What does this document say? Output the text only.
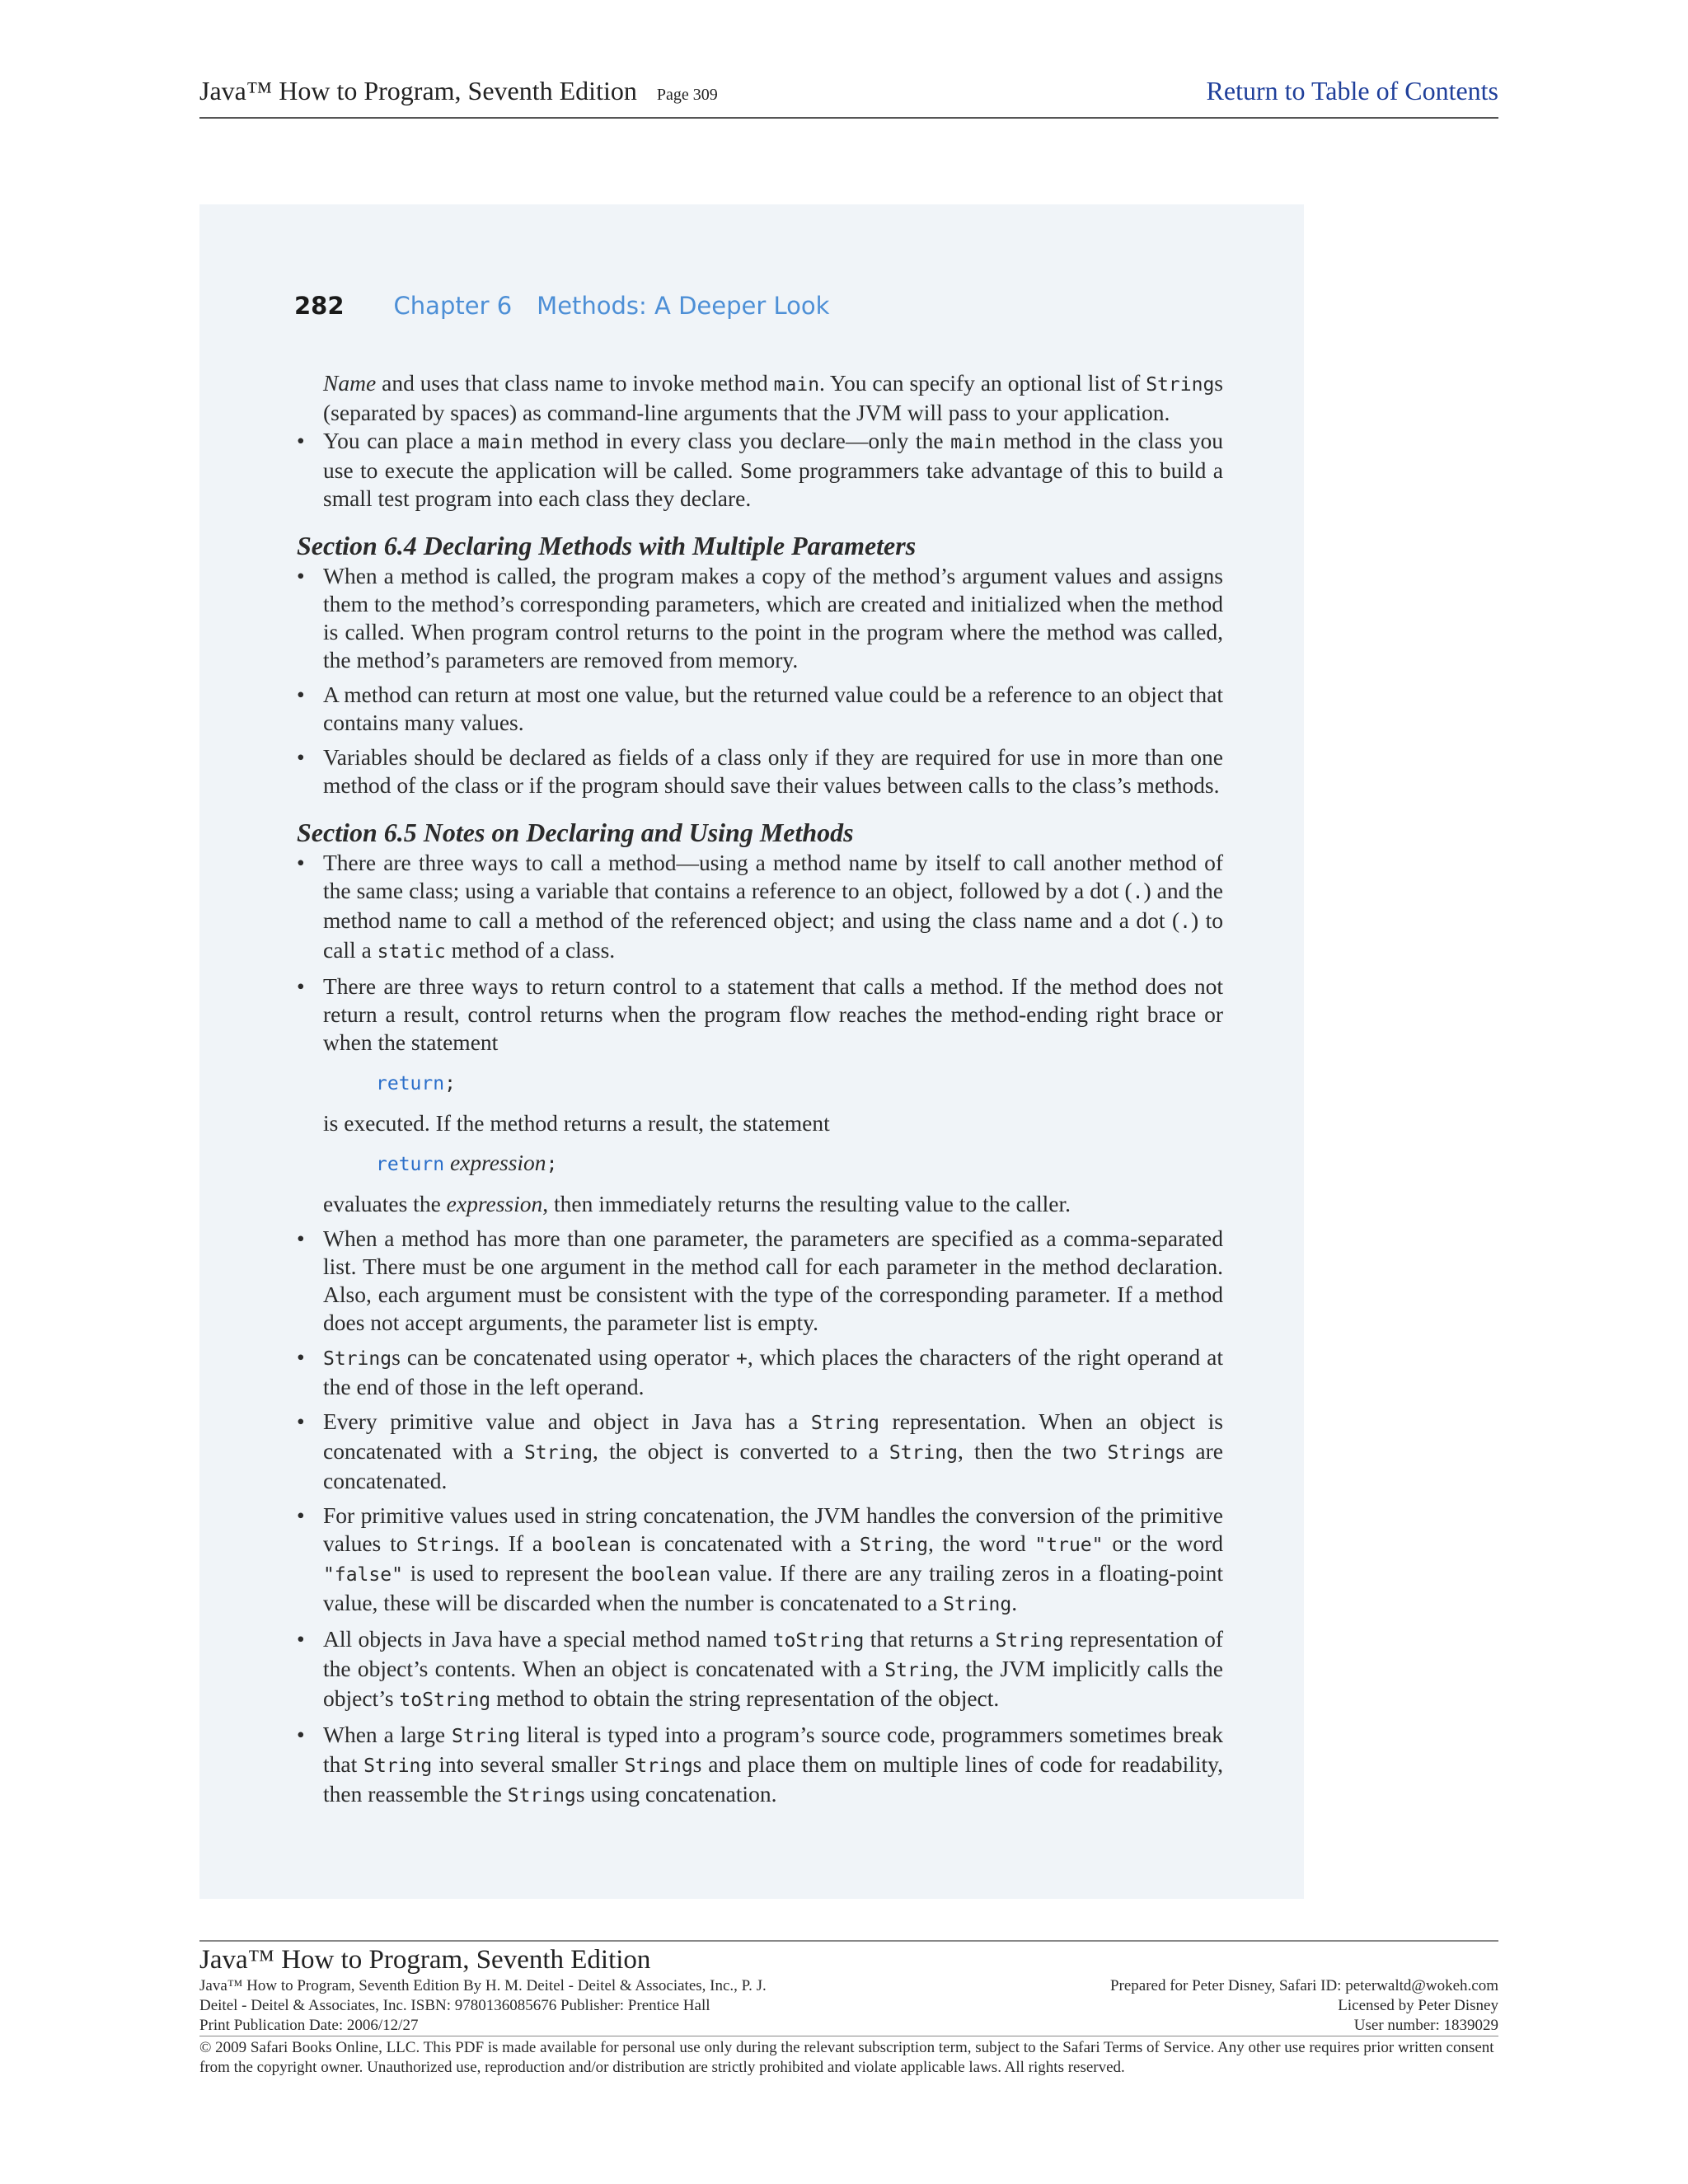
Java™ How to Program, Seventh Edition Page 309	Return to Table of Contents
282 Chapter 6 Methods: A Deeper Look

Name and uses that class name to invoke method main. You can specify an optional list of Strings (separated by spaces) as command-line arguments that the JVM will pass to your application.

• You can place a main method in every class you declare—only the main method in the class you use to execute the application will be called. Some programmers take advantage of this to build a small test program into each class they declare.
Section 6.4 Declaring Methods with Multiple Parameters
• When a method is called, the program makes a copy of the method’s argument values and assigns them to the method’s corresponding parameters, which are created and initialized when the method is called. When program control returns to the point in the program where the method was called, the method’s parameters are removed from memory.
• A method can return at most one value, but the returned value could be a reference to an object that contains many values.
• Variables should be declared as fields of a class only if they are required for use in more than one method of the class or if the program should save their values between calls to the class’s methods.
Section 6.5 Notes on Declaring and Using Methods
• There are three ways to call a method—using a method name by itself to call another method of the same class; using a variable that contains a reference to an object, followed by a dot (.) and the method name to call a method of the referenced object; and using the class name and a dot (.) to call a static method of a class.

• There are three ways to return control to a statement that calls a method. If the method does not return a result, control returns when the program flow reaches the method-ending right brace or when the statement

return;

is executed. If the method returns a result, the statement

return expression;

evaluates the expression, then immediately returns the resulting value to the caller.

• When a method has more than one parameter, the parameters are specified as a comma-separated list. There must be one argument in the method call for each parameter in the method declaration. Also, each argument must be consistent with the type of the corresponding parameter. If a method does not accept arguments, the parameter list is empty.
• Strings can be concatenated using operator +, which places the characters of the right operand at the end of those in the left operand.
• Every primitive value and object in Java has a String representation. When an object is concatenated with a String, the object is converted to a String, then the two Strings are concatenated.
• For primitive values used in string concatenation, the JVM handles the conversion of the primitive values to Strings. If a boolean is concatenated with a String, the word "true" or the word "false" is used to represent the boolean value. If there are any trailing zeros in a floating-point value, these will be discarded when the number is concatenated to a String.
• All objects in Java have a special method named toString that returns a String representation of the object’s contents. When an object is concatenated with a String, the JVM implicitly calls the object’s toString method to obtain the string representation of the object.
• When a large String literal is typed into a program’s source code, programmers sometimes break that String into several smaller Strings and place them on multiple lines of code for readability, then reassemble the Strings using concatenation.
Java™ How to Program, Seventh Edition
Java™ How to Program, Seventh Edition By H. M. Deitel - Deitel & Associates, Inc., P. J.
Deitel - Deitel & Associates, Inc. ISBN: 9780136085676 Publisher: Prentice Hall
Print Publication Date: 2006/12/27
Prepared for Peter Disney, Safari ID: peterwaltd@wokeh.com
Licensed by Peter Disney
User number: 1839029
© 2009 Safari Books Online, LLC. This PDF is made available for personal use only during the relevant subscription term, subject to the Safari Terms of Service. Any other use requires prior written consent from the copyright owner. Unauthorized use, reproduction and/or distribution are strictly prohibited and violate applicable laws. All rights reserved.
